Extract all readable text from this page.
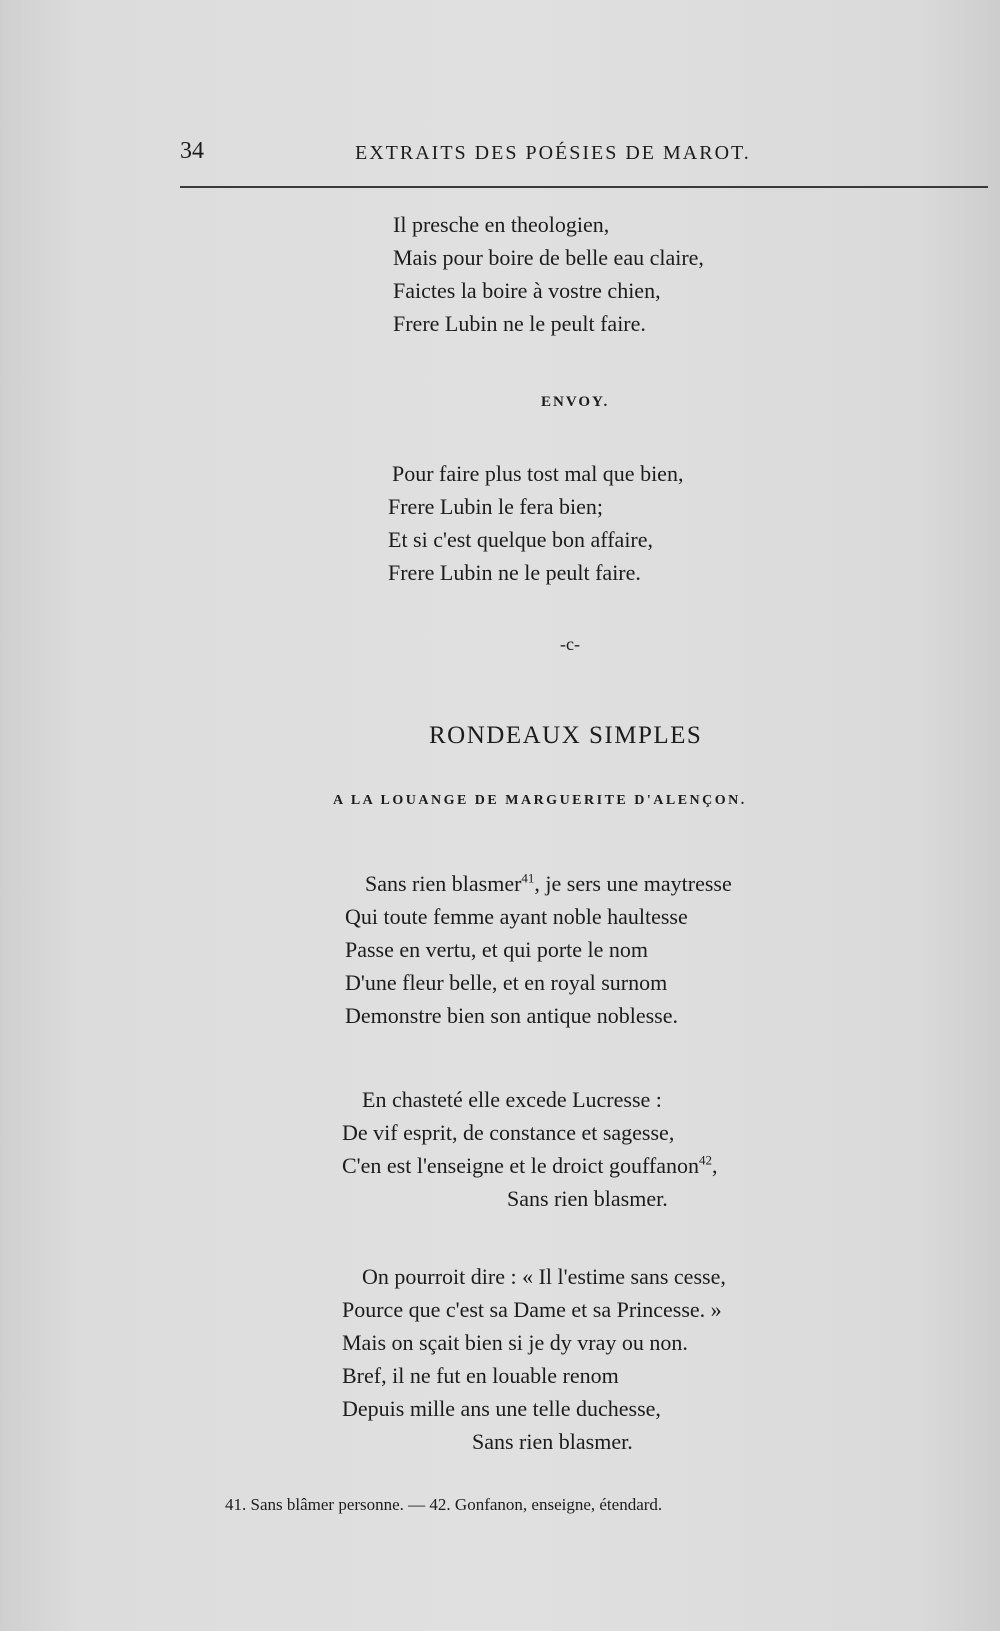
34	EXTRAITS DES POÉSIES DE MAROT.
Il presche en theologien,
Mais pour boire de belle eau claire,
Faictes la boire à vostre chien,
Frere Lubin ne le peult faire.
ENVOY.
Pour faire plus tost mal que bien,
Frere Lubin le fera bien;
Et si c'est quelque bon affaire,
Frere Lubin ne le peult faire.
-c-
RONDEAUX SIMPLES
A LA LOUANGE DE MARGUERITE D'ALENÇON.
Sans rien blasmer$^{41}$, je sers une maytresse
Qui toute femme ayant noble haultesse
Passe en vertu, et qui porte le nom
D'une fleur belle, et en royal surnom
Demonstre bien son antique noblesse.
En chasteté elle excede Lucresse :
De vif esprit, de constance et sagesse,
C'en est l'enseigne et le droict gouffanon$^{42}$,
Sans rien blasmer.
On pourroit dire : « Il l'estime sans cesse,
Pource que c'est sa Dame et sa Princesse. »
Mais on sçait bien si je dy vray ou non.
Bref, il ne fut en louable renom
Depuis mille ans une telle duchesse,
Sans rien blasmer.
41. Sans blâmer personne. — 42. Gonfanon, enseigne, étendard.
